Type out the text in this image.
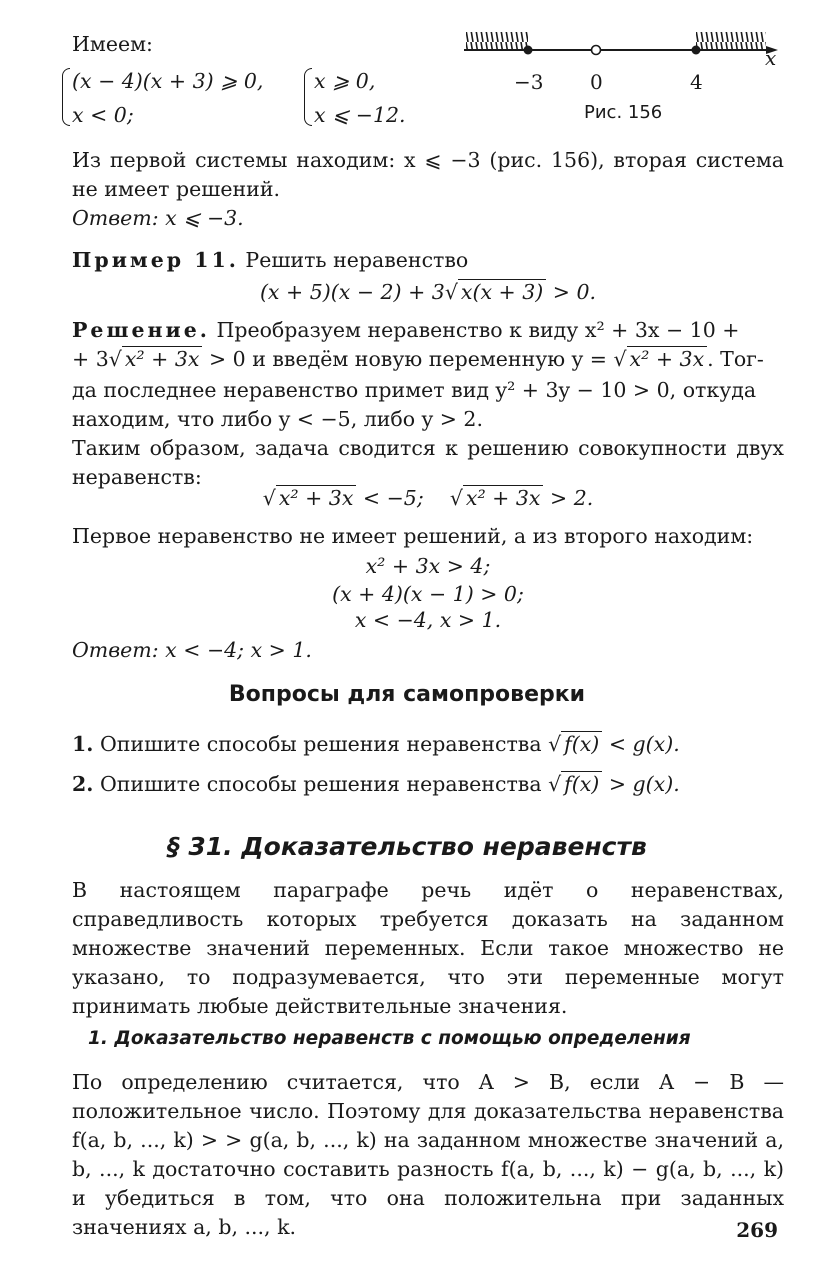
Имеем:
(x − 4)(x + 3) ⩾ 0,
x < 0;
x ⩾ 0,
x ⩽ −12.
x
−3 0	4
Рис. 156
Из первой системы находим: x ⩽ −3 (рис. 156), вторая система не имеет решений.
Ответ: x ⩽ −3.
Пример 11. Решить неравенство
(x + 5)(x − 2) + 3√ x(x + 3) > 0.
Решение. Преобразуем неравенство к виду x² + 3x − 10 +
+ 3√ x² + 3x > 0 и введём новую переменную y = √ x² + 3x . Тог-
да последнее неравенство примет вид y² + 3y − 10 > 0, откуда
находим, что либо y < −5, либо y > 2.
Таким образом, задача сводится к решению совокупности двух неравенств:
√ x² + 3x < −5;    √ x² + 3x > 2.
Первое неравенство не имеет решений, а из второго находим:
x² + 3x > 4;
(x + 4)(x − 1) > 0;
x < −4, x > 1.
Ответ: x < −4; x > 1.
Вопросы для самопроверки
1. Опишите способы решения неравенства √ f(x) < g(x).
2. Опишите способы решения неравенства √ f(x) > g(x).
§ 31. Доказательство неравенств
В настоящем параграфе речь идёт о неравенствах, справедливость которых требуется доказать на заданном множестве значений переменных. Если такое множество не указано, то подразумевается, что эти переменные могут принимать любые действительные значения.
1. Доказательство неравенств с помощью определения
По определению считается, что A > B, если A − B — положительное число. Поэтому для доказательства неравенства f(a, b, ..., k) > > g(a, b, ..., k) на заданном множестве значений a, b, ..., k достаточно составить разность f(a, b, ..., k) − g(a, b, ..., k) и убедиться в том, что она положительна при заданных значениях a, b, ..., k.	269
